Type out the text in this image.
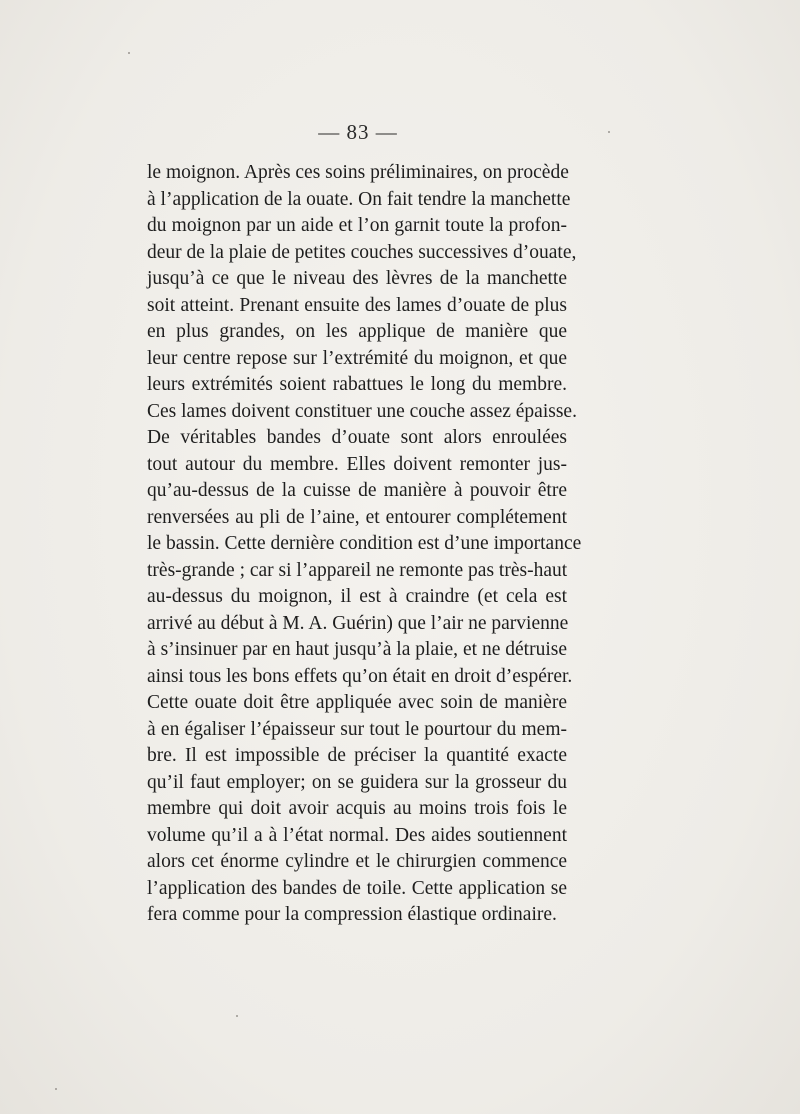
— 83 —
le moignon. Après ces soins préliminaires, on procède
à l’application de la ouate. On fait tendre la manchette
du moignon par un aide et l’on garnit toute la profon-
deur de la plaie de petites couches successives d’ouate,
jusqu’à ce que le niveau des lèvres de la manchette
soit atteint. Prenant ensuite des lames d’ouate de plus
en plus grandes, on les applique de manière que
leur centre repose sur l’extrémité du moignon, et que
leurs extrémités soient rabattues le long du membre.
Ces lames doivent constituer une couche assez épaisse.
De véritables bandes d’ouate sont alors enroulées
tout autour du membre. Elles doivent remonter jus-
qu’au-dessus de la cuisse de manière à pouvoir être
renversées au pli de l’aine, et entourer complétement
le bassin. Cette dernière condition est d’une importance
très-grande ; car si l’appareil ne remonte pas très-haut
au-dessus du moignon, il est à craindre (et cela est
arrivé au début à M. A. Guérin) que l’air ne parvienne
à s’insinuer par en haut jusqu’à la plaie, et ne détruise
ainsi tous les bons effets qu’on était en droit d’espérer.
Cette ouate doit être appliquée avec soin de manière
à en égaliser l’épaisseur sur tout le pourtour du mem-
bre. Il est impossible de préciser la quantité exacte
qu’il faut employer; on se guidera sur la grosseur du
membre qui doit avoir acquis au moins trois fois le
volume qu’il a à l’état normal. Des aides soutiennent
alors cet énorme cylindre et le chirurgien commence
l’application des bandes de toile. Cette application se
fera comme pour la compression élastique ordinaire.
